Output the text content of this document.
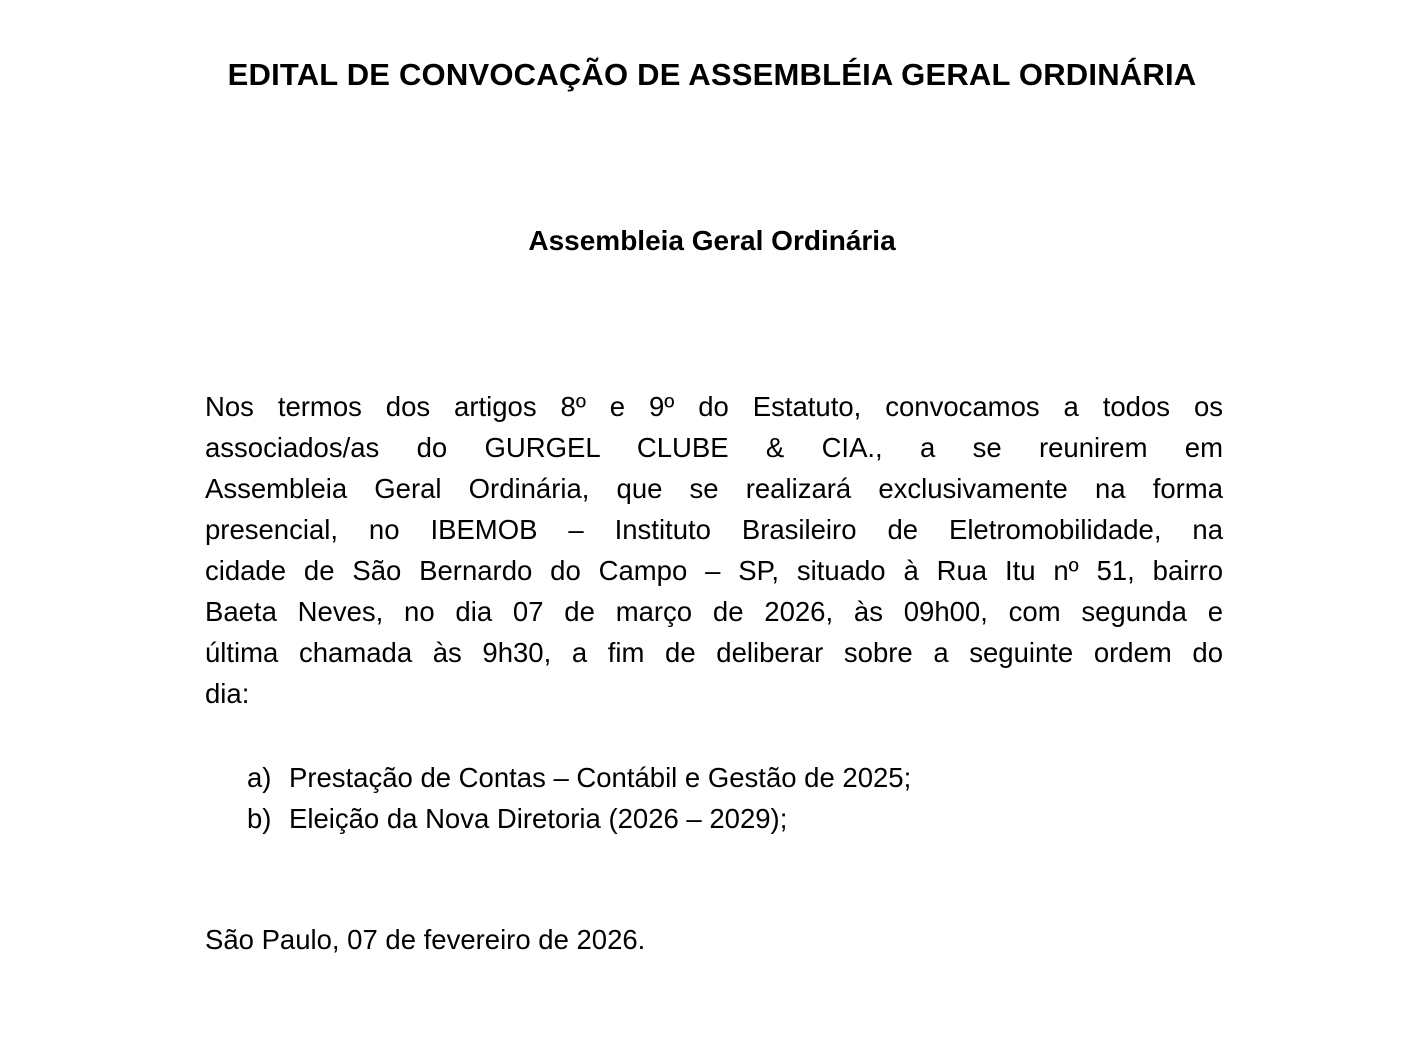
EDITAL DE CONVOCAÇÃO DE ASSEMBLÉIA GERAL ORDINÁRIA
Assembleia Geral Ordinária
Nos termos dos artigos 8º e 9º do Estatuto, convocamos a todos os
associados/as do GURGEL CLUBE & CIA., a se reunirem em
Assembleia Geral Ordinária, que se realizará exclusivamente na forma
presencial, no IBEMOB – Instituto Brasileiro de Eletromobilidade, na
cidade de São Bernardo do Campo – SP, situado à Rua Itu nº 51, bairro
Baeta Neves, no dia 07 de março de 2026, às 09h00, com segunda e
última chamada às 9h30, a fim de deliberar sobre a seguinte ordem do
dia:
a) Prestação de Contas – Contábil e Gestão de 2025;
b) Eleição da Nova Diretoria (2026 – 2029);
São Paulo, 07 de fevereiro de 2026.
